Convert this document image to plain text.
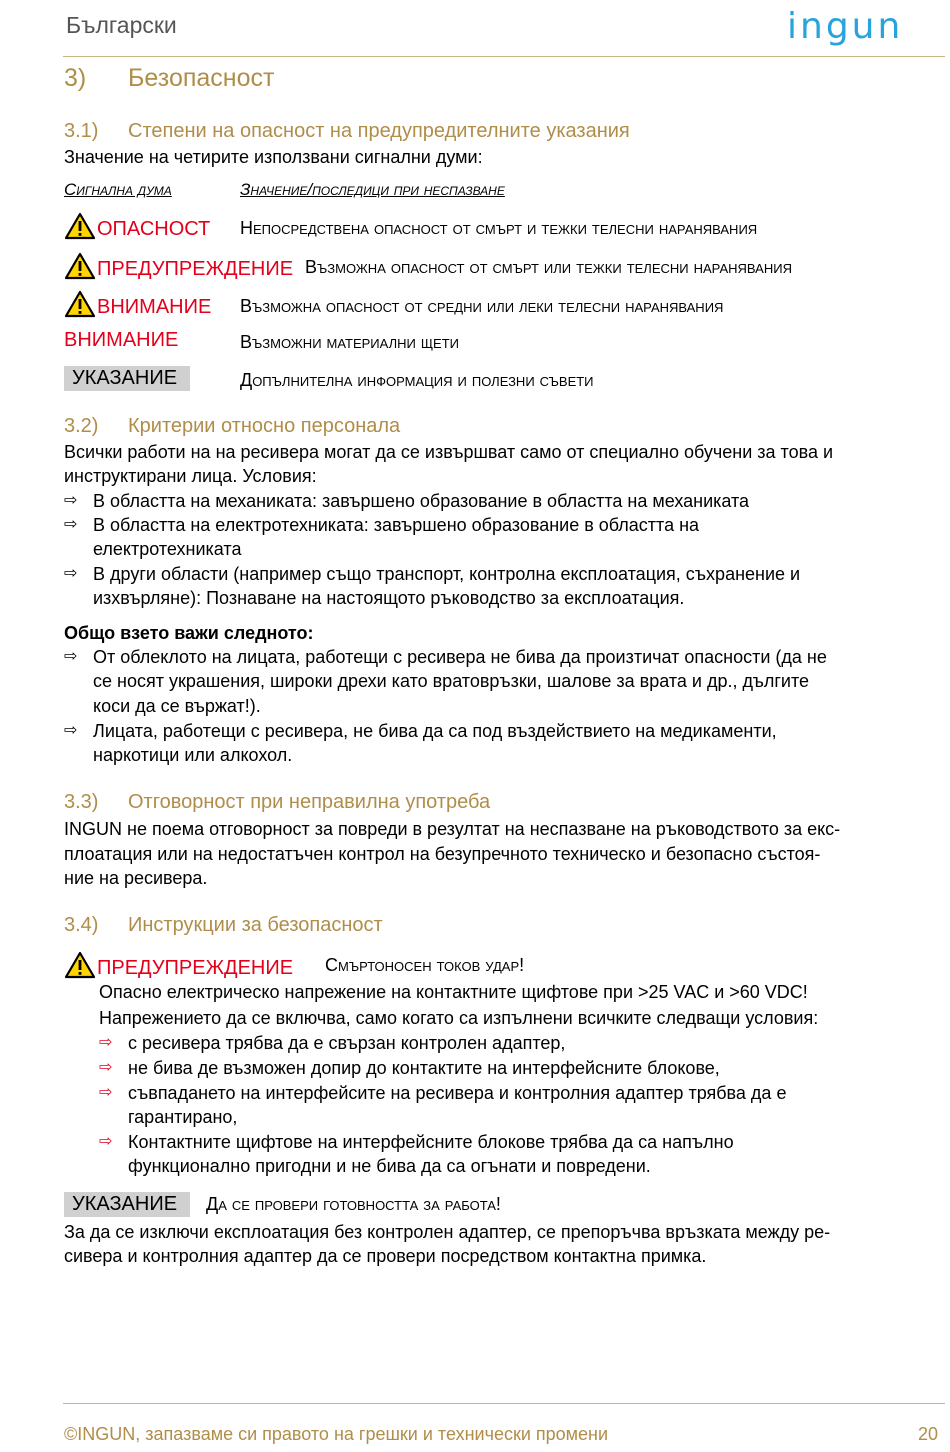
Български	ingun
3) Безопасност
3.1) Степени на опасност на предупредителните указания
Значение на четирите използвани сигнални думи:
Сигнална дума	Значение/последици при неспазване
ОПАСНОСТ Непосредствена опасност от смърт и тежки телесни наранявания
ПРЕДУПРЕЖДЕНИЕ Възможна опасност от смърт или тежки телесни наранявания
ВНИМАНИЕ Възможна опасност от средни или леки телесни наранявания
ВНИМАНИЕ	Възможни материални щети
УКАЗАНИЕ	Допълнителна информация и полезни съвети
3.2) Критерии относно персонала
Всички работи на на ресивера могат да се извършват само от специално обучени за това и
инструктирани лица. Условия:
⇨ В областта на механиката: завършено образование в областта на механиката
⇨ В областта на електротехниката: завършено образование в областта на
електротехниката
⇨ В други области (например също транспорт, контролна експлоатация, съхранение и
изхвърляне): Познаване на настоящото ръководство за експлоатация.
Общо взето важи следното:
⇨ От облеклото на лицата, работещи с ресивера не бива да произтичат опасности (да не
се носят украшения, широки дрехи като вратовръзки, шалове за врата и др., дългите
коси да се вържат!).
⇨ Лицата, работещи с ресивера, не бива да са под въздействието на медикаменти,
наркотици или алкохол.
3.3) Отговорност при неправилна употреба
INGUN не поема отговорност за повреди в резултат на неспазване на ръководството за екс-
плоатация или на недостатъчен контрол на безупречното техническо и безопасно състоя-
ние на ресивера.
3.4) Инструкции за безопасност
ПРЕДУПРЕЖДЕНИЕ Смъртоносен токов удар!
Опасно електрическо напрежение на контактните щифтове при >25 VAC и >60 VDC!
Напрежението да се включва, само когато са изпълнени всичките следващи условия:
⇨ с ресивера трябва да е свързан контролен адаптер,
⇨ не бива де възможен допир до контактите на интерфейсните блокове,
⇨ съвпадането на интерфейсите на ресивера и контролния адаптер трябва да е
гарантирано,
⇨ Контактните щифтове на интерфейсните блокове трябва да са напълно
функционално пригодни и не бива да са огънати и повредени.
УКАЗАНИЕ	Да се провери готовността за работа!
За да се изключи експлоатация без контролен адаптер, се препоръчва връзката между ре-
сивера и контролния адаптер да се провери посредством контактна примка.
©INGUN, запазваме си правото на грешки и технически промени	20
